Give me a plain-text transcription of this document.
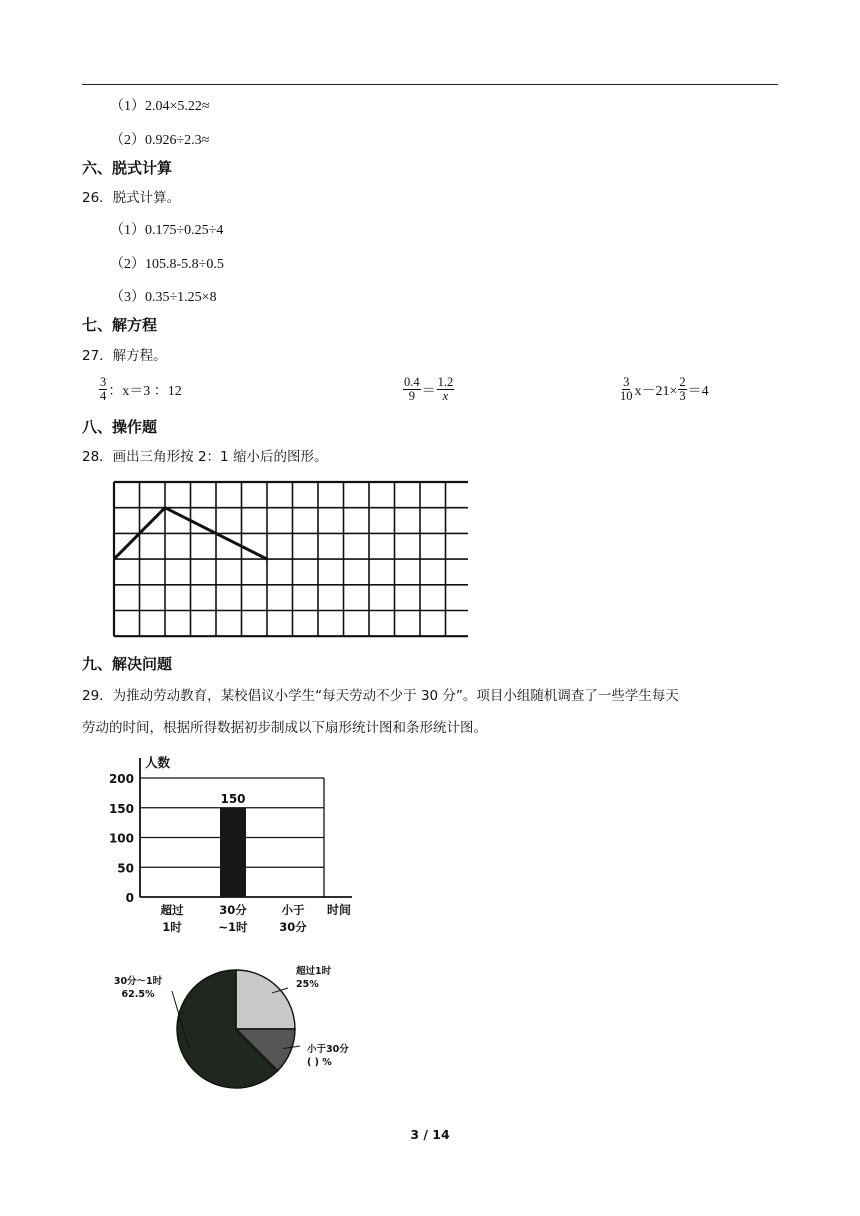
（1）2.04×5.22≈
（2）0.926÷2.3≈
六、脱式计算
26．脱式计算。
（1）0.175÷0.25÷4
（2）105.8-5.8÷0.5
（3）0.35÷1.25×8
七、解方程
27．解方程。
$\frac{3}{4}$ ：x＝3 ：12	$\frac{0.4}{9} = \frac{1.2}{x}$	$\frac{3}{10} x-21\times \frac{2}{3} =4$
八、操作题
28．画出三角形按 2：1 缩小后的图形。
九、解决问题
29．为推动劳动教育，某校倡议小学生“每天劳动不少于 30 分”。项目小组随机调查了一些学生每天
劳动的时间，根据所得数据初步制成以下扇形统计图和条形统计图。
0
50
100
150
200
人数
时间
超过
1时
30分
~1时
小于
30分
150
超过1时
25%
小于30分
( ) %
30分～1时
62.5%
3 / 14
